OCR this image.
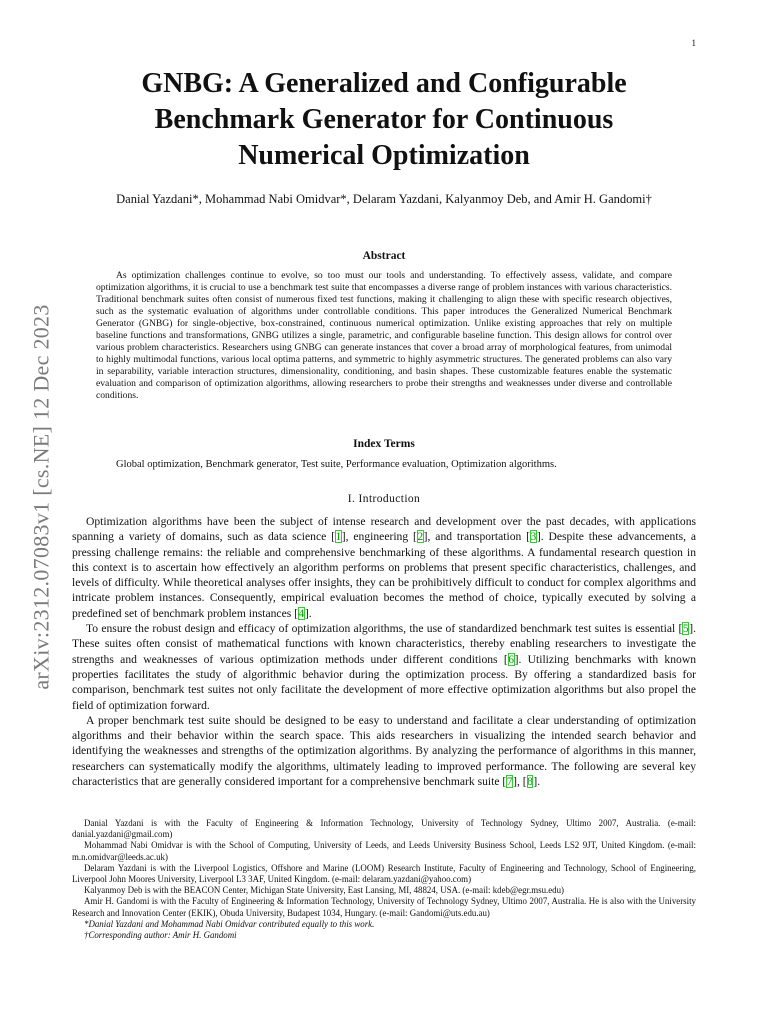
1
arXiv:2312.07083v1 [cs.NE] 12 Dec 2023
GNBG: A Generalized and Configurable Benchmark Generator for Continuous Numerical Optimization
Danial Yazdani*, Mohammad Nabi Omidvar*, Delaram Yazdani, Kalyanmoy Deb, and Amir H. Gandomi†
Abstract

As optimization challenges continue to evolve, so too must our tools and understanding. To effectively assess, validate, and compare optimization algorithms, it is crucial to use a benchmark test suite that encompasses a diverse range of problem instances with various characteristics. Traditional benchmark suites often consist of numerous fixed test functions, making it challenging to align these with specific research objectives, such as the systematic evaluation of algorithms under controllable conditions. This paper introduces the Generalized Numerical Benchmark Generator (GNBG) for single-objective, box-constrained, continuous numerical optimization. Unlike existing approaches that rely on multiple baseline functions and transformations, GNBG utilizes a single, parametric, and configurable baseline function. This design allows for control over various problem characteristics. Researchers using GNBG can generate instances that cover a broad array of morphological features, from unimodal to highly multimodal functions, various local optima patterns, and symmetric to highly asymmetric structures. The generated problems can also vary in separability, variable interaction structures, dimensionality, conditioning, and basin shapes. These customizable features enable the systematic evaluation and comparison of optimization algorithms, allowing researchers to probe their strengths and weaknesses under diverse and controllable conditions.

Index Terms

Global optimization, Benchmark generator, Test suite, Performance evaluation, Optimization algorithms.

I. Introduction

Optimization algorithms have been the subject of intense research and development over the past decades, with applications spanning a variety of domains, such as data science [1], engineering [2], and transportation [3]. Despite these advancements, a pressing challenge remains: the reliable and comprehensive benchmarking of these algorithms. A fundamental research question in this context is to ascertain how effectively an algorithm performs on problems that present specific characteristics, challenges, and levels of difficulty. While theoretical analyses offer insights, they can be prohibitively difficult to conduct for complex algorithms and intricate problem instances. Consequently, empirical evaluation becomes the method of choice, typically executed by solving a predefined set of benchmark problem instances [4].

To ensure the robust design and efficacy of optimization algorithms, the use of standardized benchmark test suites is essential [5]. These suites often consist of mathematical functions with known characteristics, thereby enabling researchers to investigate the strengths and weaknesses of various optimization methods under different conditions [6]. Utilizing benchmarks with known properties facilitates the study of algorithmic behavior during the optimization process. By offering a standardized basis for comparison, benchmark test suites not only facilitate the development of more effective optimization algorithms but also propel the field of optimization forward.

A proper benchmark test suite should be designed to be easy to understand and facilitate a clear understanding of optimization algorithms and their behavior within the search space. This aids researchers in visualizing the intended search behavior and identifying the weaknesses and strengths of the optimization algorithms. By analyzing the performance of algorithms in this manner, researchers can systematically modify the algorithms, ultimately leading to improved performance. The following are several key characteristics that are generally considered important for a comprehensive benchmark suite [7], [8].

Danial Yazdani is with the Faculty of Engineering & Information Technology, University of Technology Sydney, Ultimo 2007, Australia. (e-mail: danial.yazdani@gmail.com)

Mohammad Nabi Omidvar is with the School of Computing, University of Leeds, and Leeds University Business School, Leeds LS2 9JT, United Kingdom. (e-mail: m.n.omidvar@leeds.ac.uk)

Delaram Yazdani is with the Liverpool Logistics, Offshore and Marine (LOOM) Research Institute, Faculty of Engineering and Technology, School of Engineering, Liverpool John Moores University, Liverpool L3 3AF, United Kingdom. (e-mail: delaram.yazdani@yahoo.com)

Kalyanmoy Deb is with the BEACON Center, Michigan State University, East Lansing, MI, 48824, USA. (e-mail: kdeb@egr.msu.edu)

Amir H. Gandomi is with the Faculty of Engineering & Information Technology, University of Technology Sydney, Ultimo 2007, Australia. He is also with the University Research and Innovation Center (EKIK), Obuda University, Budapest 1034, Hungary. (e-mail: Gandomi@uts.edu.au)

*Danial Yazdani and Mohammad Nabi Omidvar contributed equally to this work.

†Corresponding author: Amir H. Gandomi
